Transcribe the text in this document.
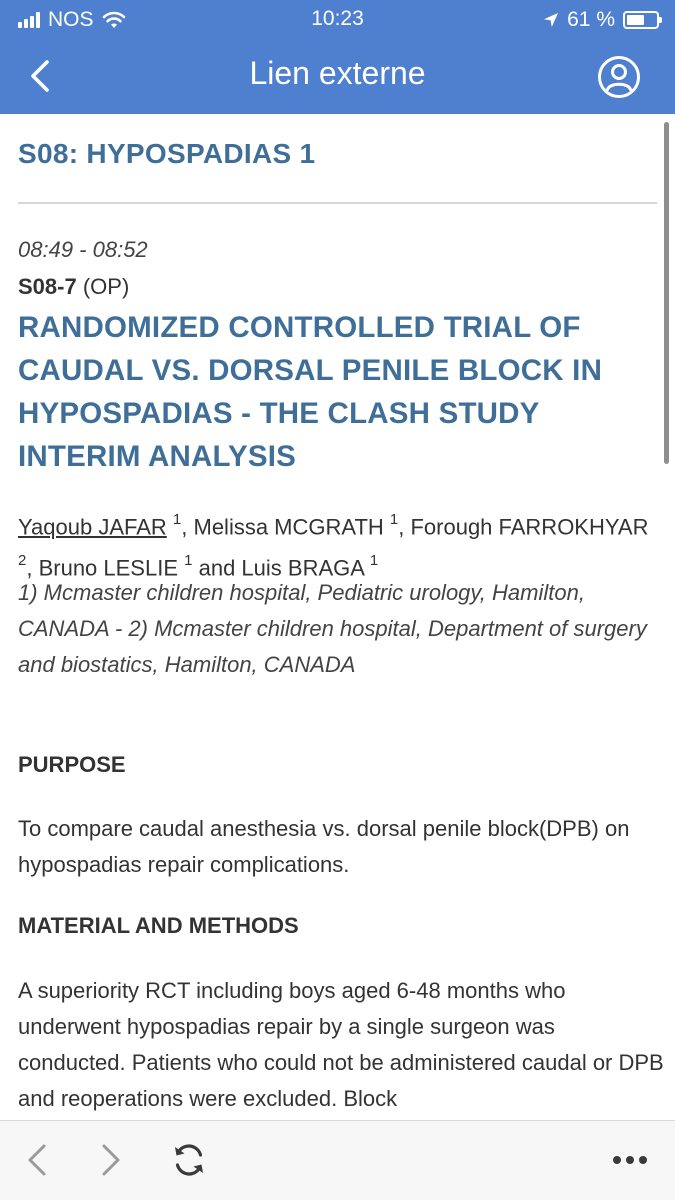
NOS	10:23	61 %
Lien externe
S08: HYPOSPADIAS 1
08:49 - 08:52
S08-7 (OP)
RANDOMIZED CONTROLLED TRIAL OF CAUDAL VS. DORSAL PENILE BLOCK IN HYPOSPADIAS - THE CLASH STUDY INTERIM ANALYSIS
Yaqoub JAFAR $^1$, Melissa MCGRATH $^1$, Forough FARROKHYAR $^2$, Bruno LESLIE $^1$ and Luis BRAGA $^1$
1) Mcmaster children hospital, Pediatric urology, Hamilton, CANADA - 2) Mcmaster children hospital, Department of surgery and biostatics, Hamilton, CANADA
PURPOSE
To compare caudal anesthesia vs. dorsal penile block(DPB) on hypospadias repair complications.
MATERIAL AND METHODS
A superiority RCT including boys aged 6-48 months who underwent hypospadias repair by a single surgeon was conducted. Patients who could not be administered caudal or DPB and reoperations were excluded. Block
